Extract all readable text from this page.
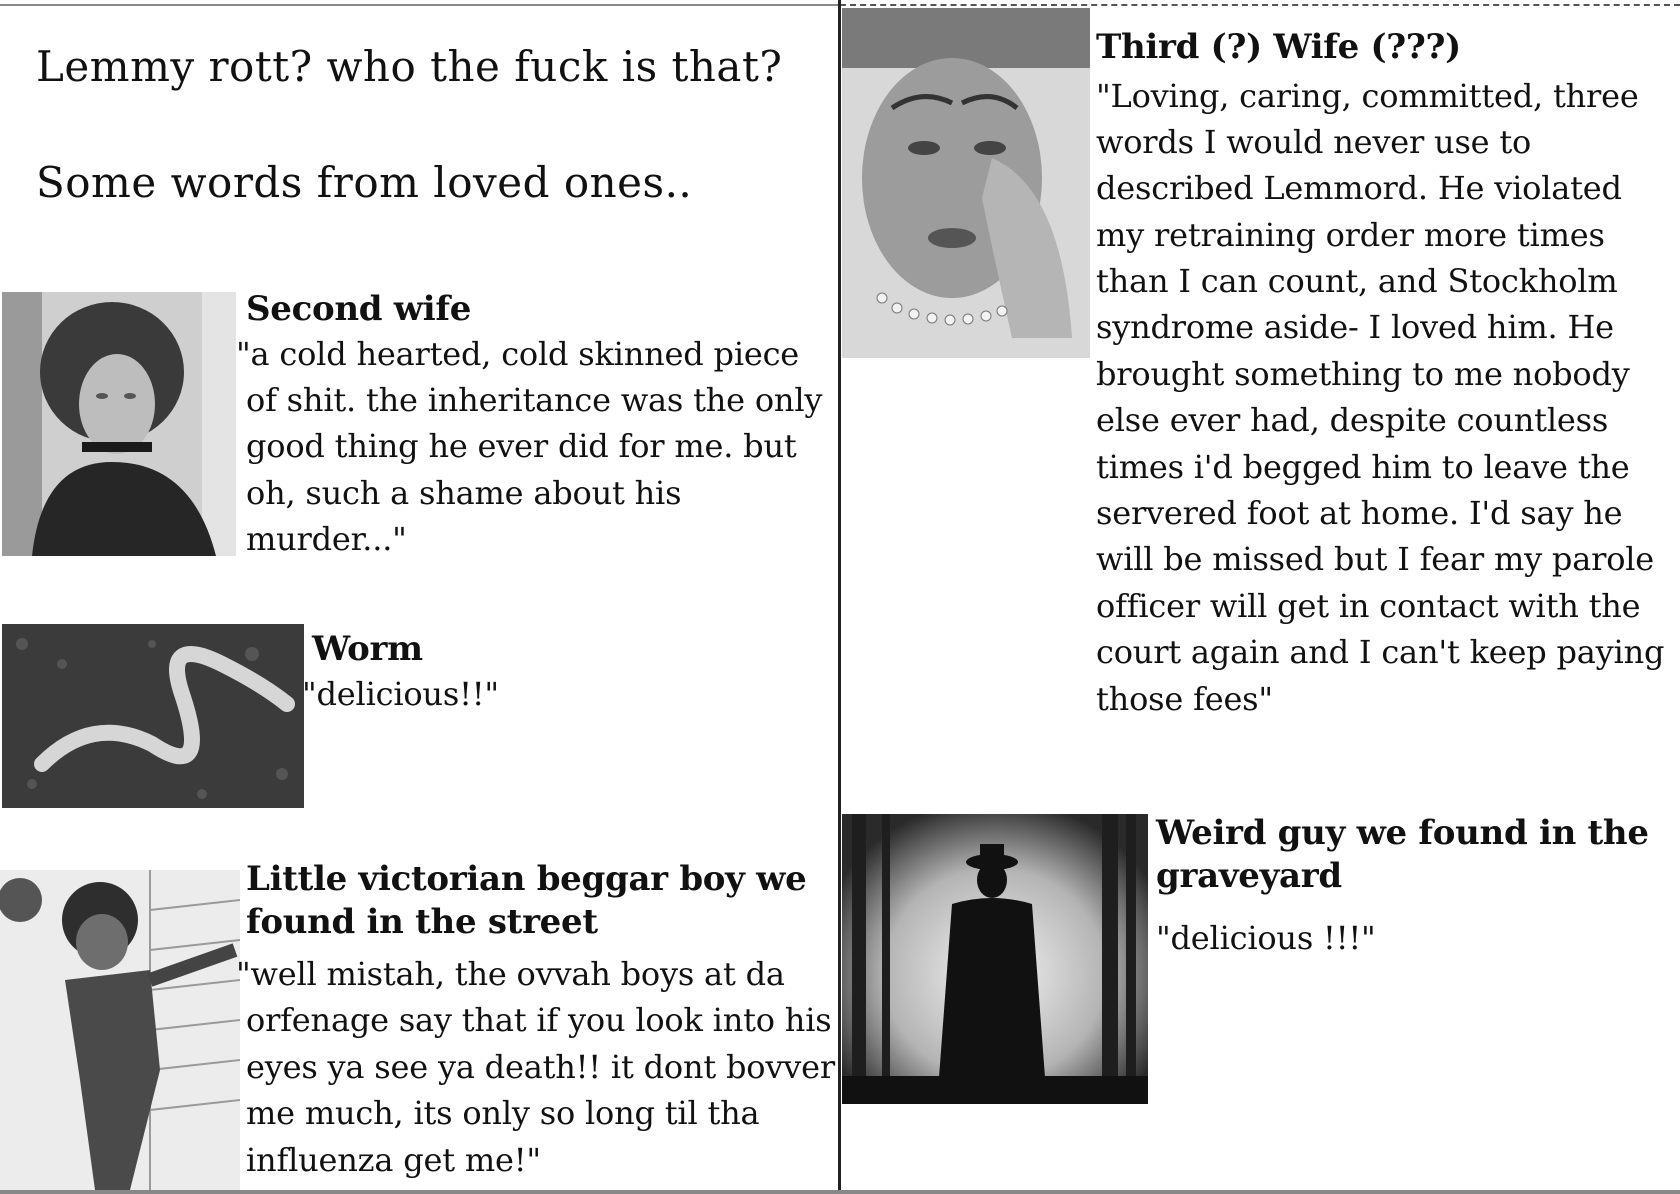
Lemmy rott? who the fuck is that?
Some words from loved ones..

Second wife

"a cold hearted, cold skinned piece of shit. the inheritance was the only good thing he ever did for me. but oh, such a shame about his murder..."

Worm

"delicious!!"

Little victorian beggar boy we found in the street

"well mistah, the ovvah boys at da orfenage say that if you look into his eyes ya see ya death!! it dont bovver me much, its only so long til tha influenza get me!"

Third (?) Wife (???)

"Loving, caring, committed, three words I would never use to described Lemmord. He violated my retraining order more times than I can count, and Stockholm syndrome aside- I loved him. He brought something to me nobody else ever had, despite countless times i'd begged him to leave the servered foot at home. I'd say he will be missed but I fear my parole officer will get in contact with the court again and I can't keep paying those fees"

Weird guy we found in the graveyard

"delicious !!!"
